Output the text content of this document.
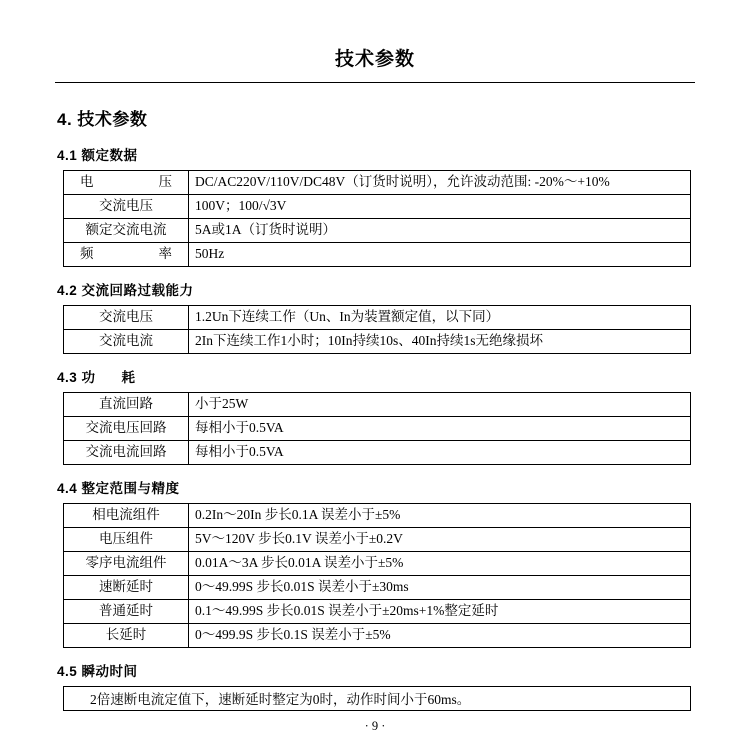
技术参数
4. 技术参数
4.1 额定数据
电 压	DC/AC220V/110V/DC48V（订货时说明），允许波动范围: -20%～+10%

交流电压	100V；100/√3V

额定交流电流	5A或1A（订货时说明）

频 率	50Hz
4.2 交流回路过载能力
交流电压	1.2Un下连续工作（Un、In为装置额定值，以下同）

交流电流	2In下连续工作1小时；10In持续10s、40In持续1s无绝缘损坏
4.3 功 耗
直流回路	小于25W

交流电压回路	每相小于0.5VA

交流电流回路	每相小于0.5VA
4.4 整定范围与精度
相电流组件	0.2In～20In 步长0.1A 误差小于±5%

电压组件	5V～120V 步长0.1V 误差小于±0.2V

零序电流组件	0.01A～3A 步长0.01A 误差小于±5%

速断延时	0～49.99S 步长0.01S 误差小于±30ms

普通延时	0.1～49.99S 步长0.01S 误差小于±20ms+1%整定延时

长延时	0～499.9S 步长0.1S 误差小于±5%
4.5 瞬动时间
2倍速断电流定值下，速断延时整定为0时，动作时间小于60ms。
· 9 ·
